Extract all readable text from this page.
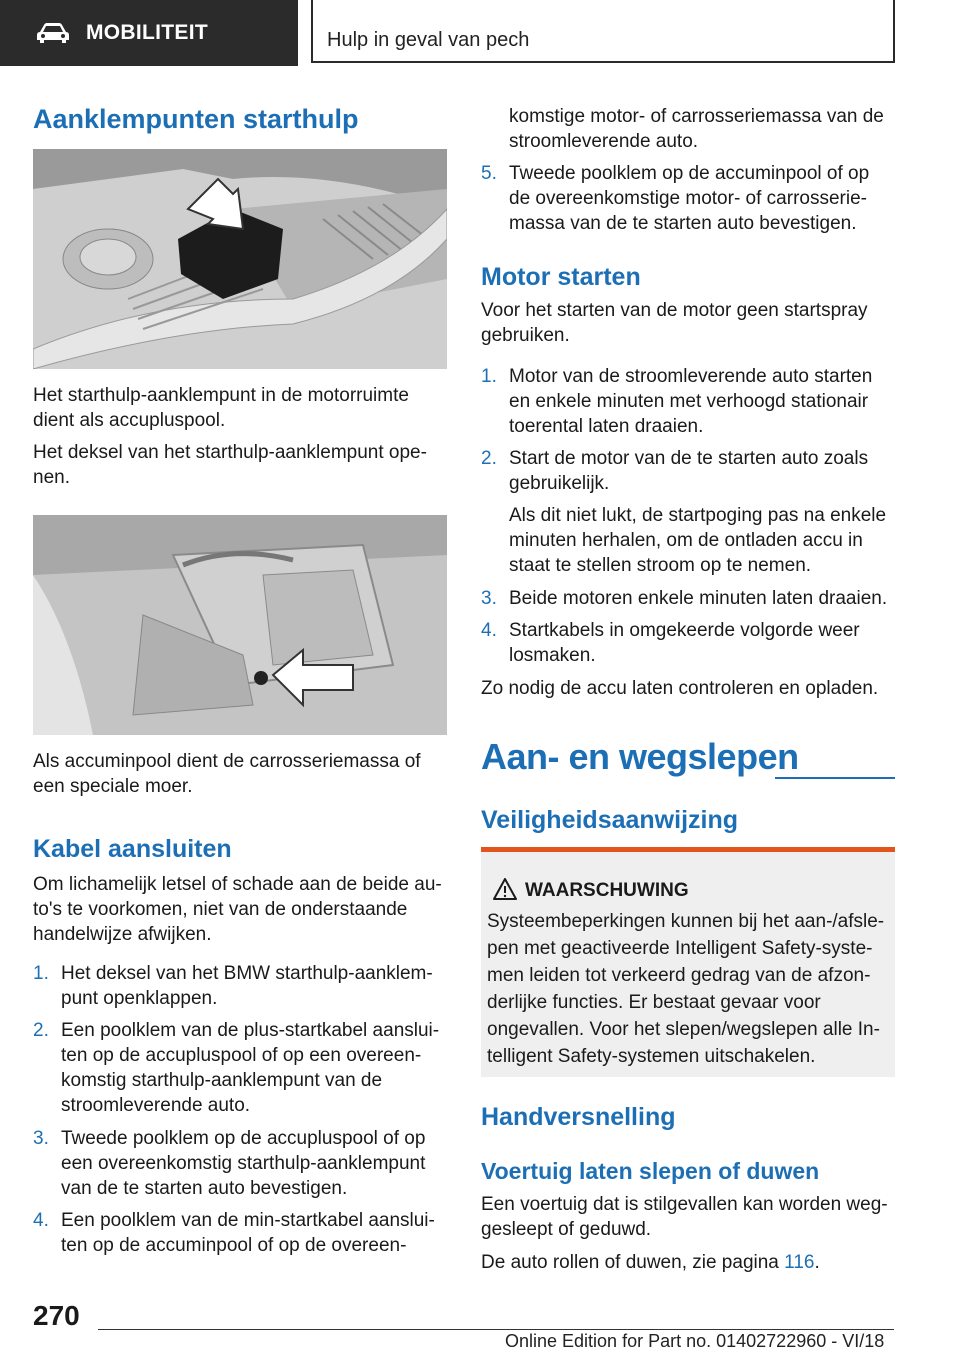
MOBILITEIT	Hulp in geval van pech
Aanklempunten starthulp
Het starthulp-aanklempunt in de motorruimte
dient als accupluspool.
Het deksel van het starthulp-aanklempunt ope-
nen.
Als accuminpool dient de carrosseriemassa of
een speciale moer.
Kabel aansluiten
Om lichamelijk letsel of schade aan de beide au-
to's te voorkomen, niet van de onderstaande
handelwijze afwijken.
1. Het deksel van het BMW starthulp-aanklem-
punt openklappen.
2. Een poolklem van de plus-startkabel aanslui-
ten op de accupluspool of op een overeen-
komstig starthulp-aanklempunt van de
stroomleverende auto.
3. Tweede poolklem op de accupluspool of op
een overeenkomstig starthulp-aanklempunt
van de te starten auto bevestigen.
4. Een poolklem van de min-startkabel aanslui-
ten op de accuminpool of op de overeen-
komstige motor- of carrosseriemassa van de
stroomleverende auto.
5. Tweede poolklem op de accuminpool of op
de overeenkomstige motor- of carrosserie-
massa van de te starten auto bevestigen.
Motor starten
Voor het starten van de motor geen startspray
gebruiken.
1. Motor van de stroomleverende auto starten
en enkele minuten met verhoogd stationair
toerental laten draaien.
2. Start de motor van de te starten auto zoals
gebruikelijk.
Als dit niet lukt, de startpoging pas na enkele
minuten herhalen, om de ontladen accu in
staat te stellen stroom op te nemen.
3. Beide motoren enkele minuten laten draaien.
4. Startkabels in omgekeerde volgorde weer
losmaken.
Zo nodig de accu laten controleren en opladen.
Aan- en wegslepen
Veiligheidsaanwijzing
WAARSCHUWING
Systeembeperkingen kunnen bij het aan-/afsle-
pen met geactiveerde Intelligent Safety-syste-
men leiden tot verkeerd gedrag van de afzon-
derlijke functies. Er bestaat gevaar voor
ongevallen. Voor het slepen/wegslepen alle In-
telligent Safety-systemen uitschakelen.
Handversnelling
Voertuig laten slepen of duwen
Een voertuig dat is stilgevallen kan worden weg-
gesleept of geduwd.
De auto rollen of duwen, zie pagina 116.
270
Online Edition for Part no. 01402722960 - VI/18
